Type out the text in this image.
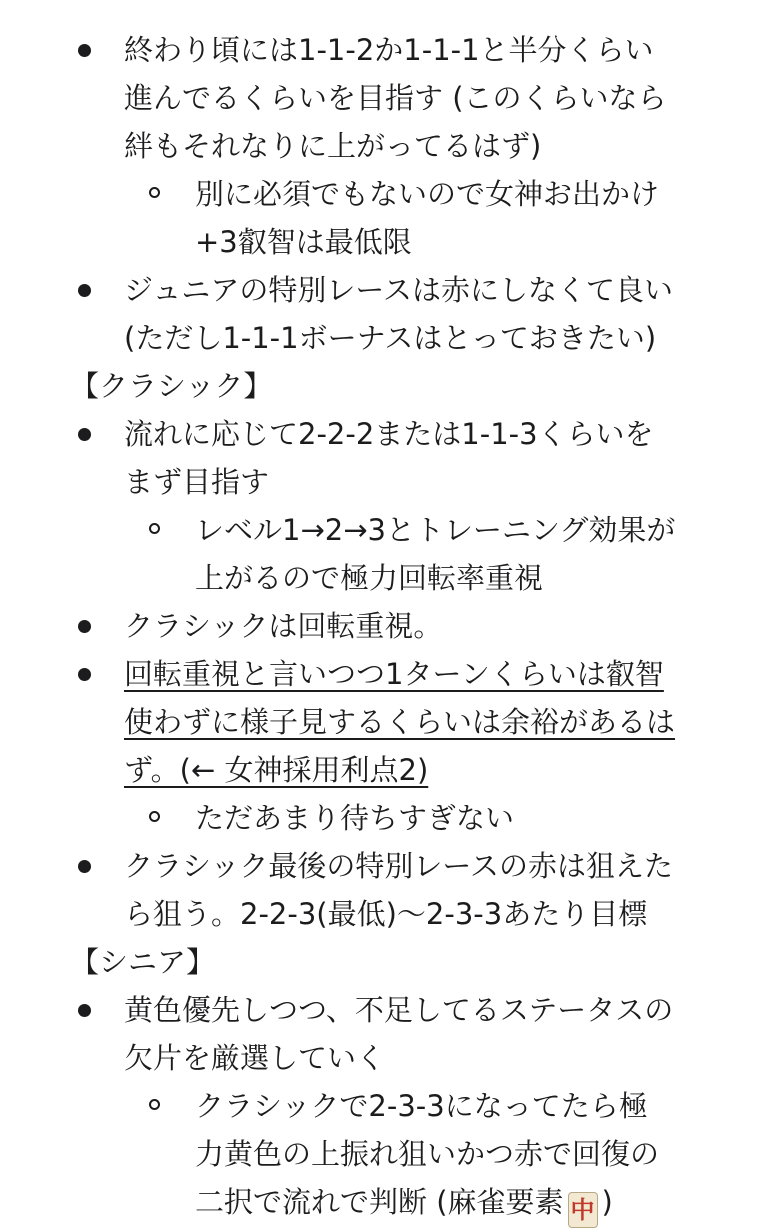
終わり頃には1-1-2か1-1-1と半分くらい
進んでるくらいを目指す (このくらいなら
絆もそれなりに上がってるはず)
別に必須でもないので女神お出かけ
+3叡智は最低限
ジュニアの特別レースは赤にしなくて良い
(ただし1-1-1ボーナスはとっておきたい)
【クラシック】
流れに応じて2-2-2または1-1-3くらいを
まず目指す
レベル1→2→3とトレーニング効果が
上がるので極力回転率重視
クラシックは回転重視。
回転重視と言いつつ1ターンくらいは叡智
使わずに様子見するくらいは余裕があるは
ず。(← 女神採用利点2)
ただあまり待ちすぎない
クラシック最後の特別レースの赤は狙えた
ら狙う。2-2-3(最低)〜2-3-3あたり目標
【シニア】
黄色優先しつつ、不足してるステータスの
欠片を厳選していく
クラシックで2-3-3になってたら極
力黄色の上振れ狙いかつ赤で回復の
二択で流れで判断 (麻雀要素 中 )
